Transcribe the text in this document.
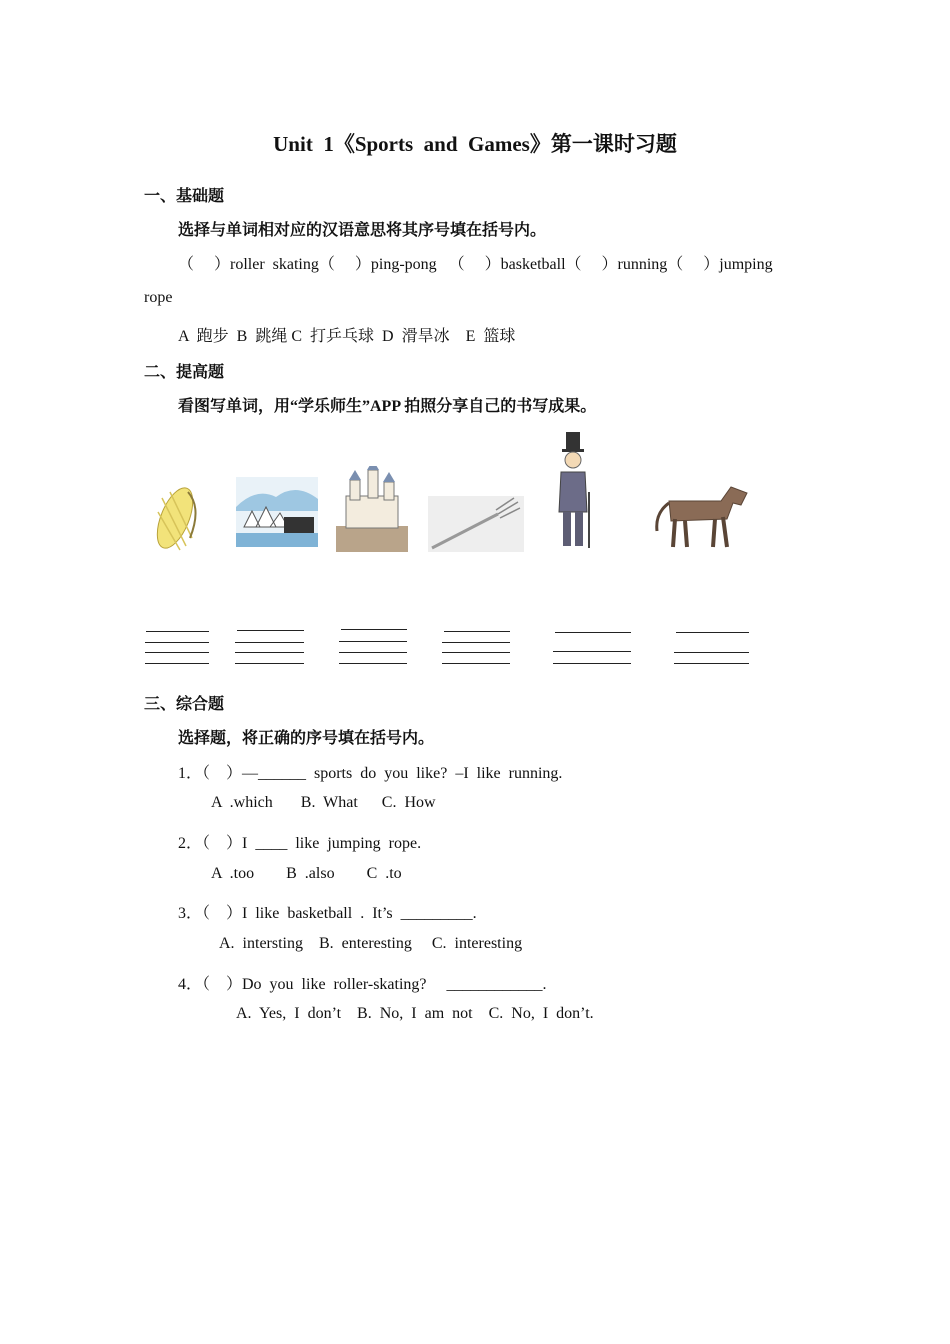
Unit  1《Sports  and  Games》第一课时习题
一、基础题
选择与单词相对应的汉语意思将其序号填在括号内。
（     ）roller  skating（     ）ping-pong   （     ）basketball（     ）running（     ）jumping
rope
A  跑步  B  跳绳 C  打乒乓球  D  滑旱冰    E  篮球
二、提高题
看图写单词，用“学乐师生”APP 拍照分享自己的书写成果。
三、综合题
选择题，将正确的序号填在括号内。
1．（    ）—______  sports  do  you  like?  –I  like  running.
A  .which       B.  What      C.  How
2．（    ）I  ____  like  jumping  rope.
A  .too        B  .also        C  .to
3．（    ）I  like  basketball  .  It’s  _________.
A.  intersting    B.  enteresting     C.  interesting
4．（    ）Do  you  like  roller-skating?     ____________.
A.  Yes,  I  don’t    B.  No,  I  am  not    C.  No,  I  don’t.
